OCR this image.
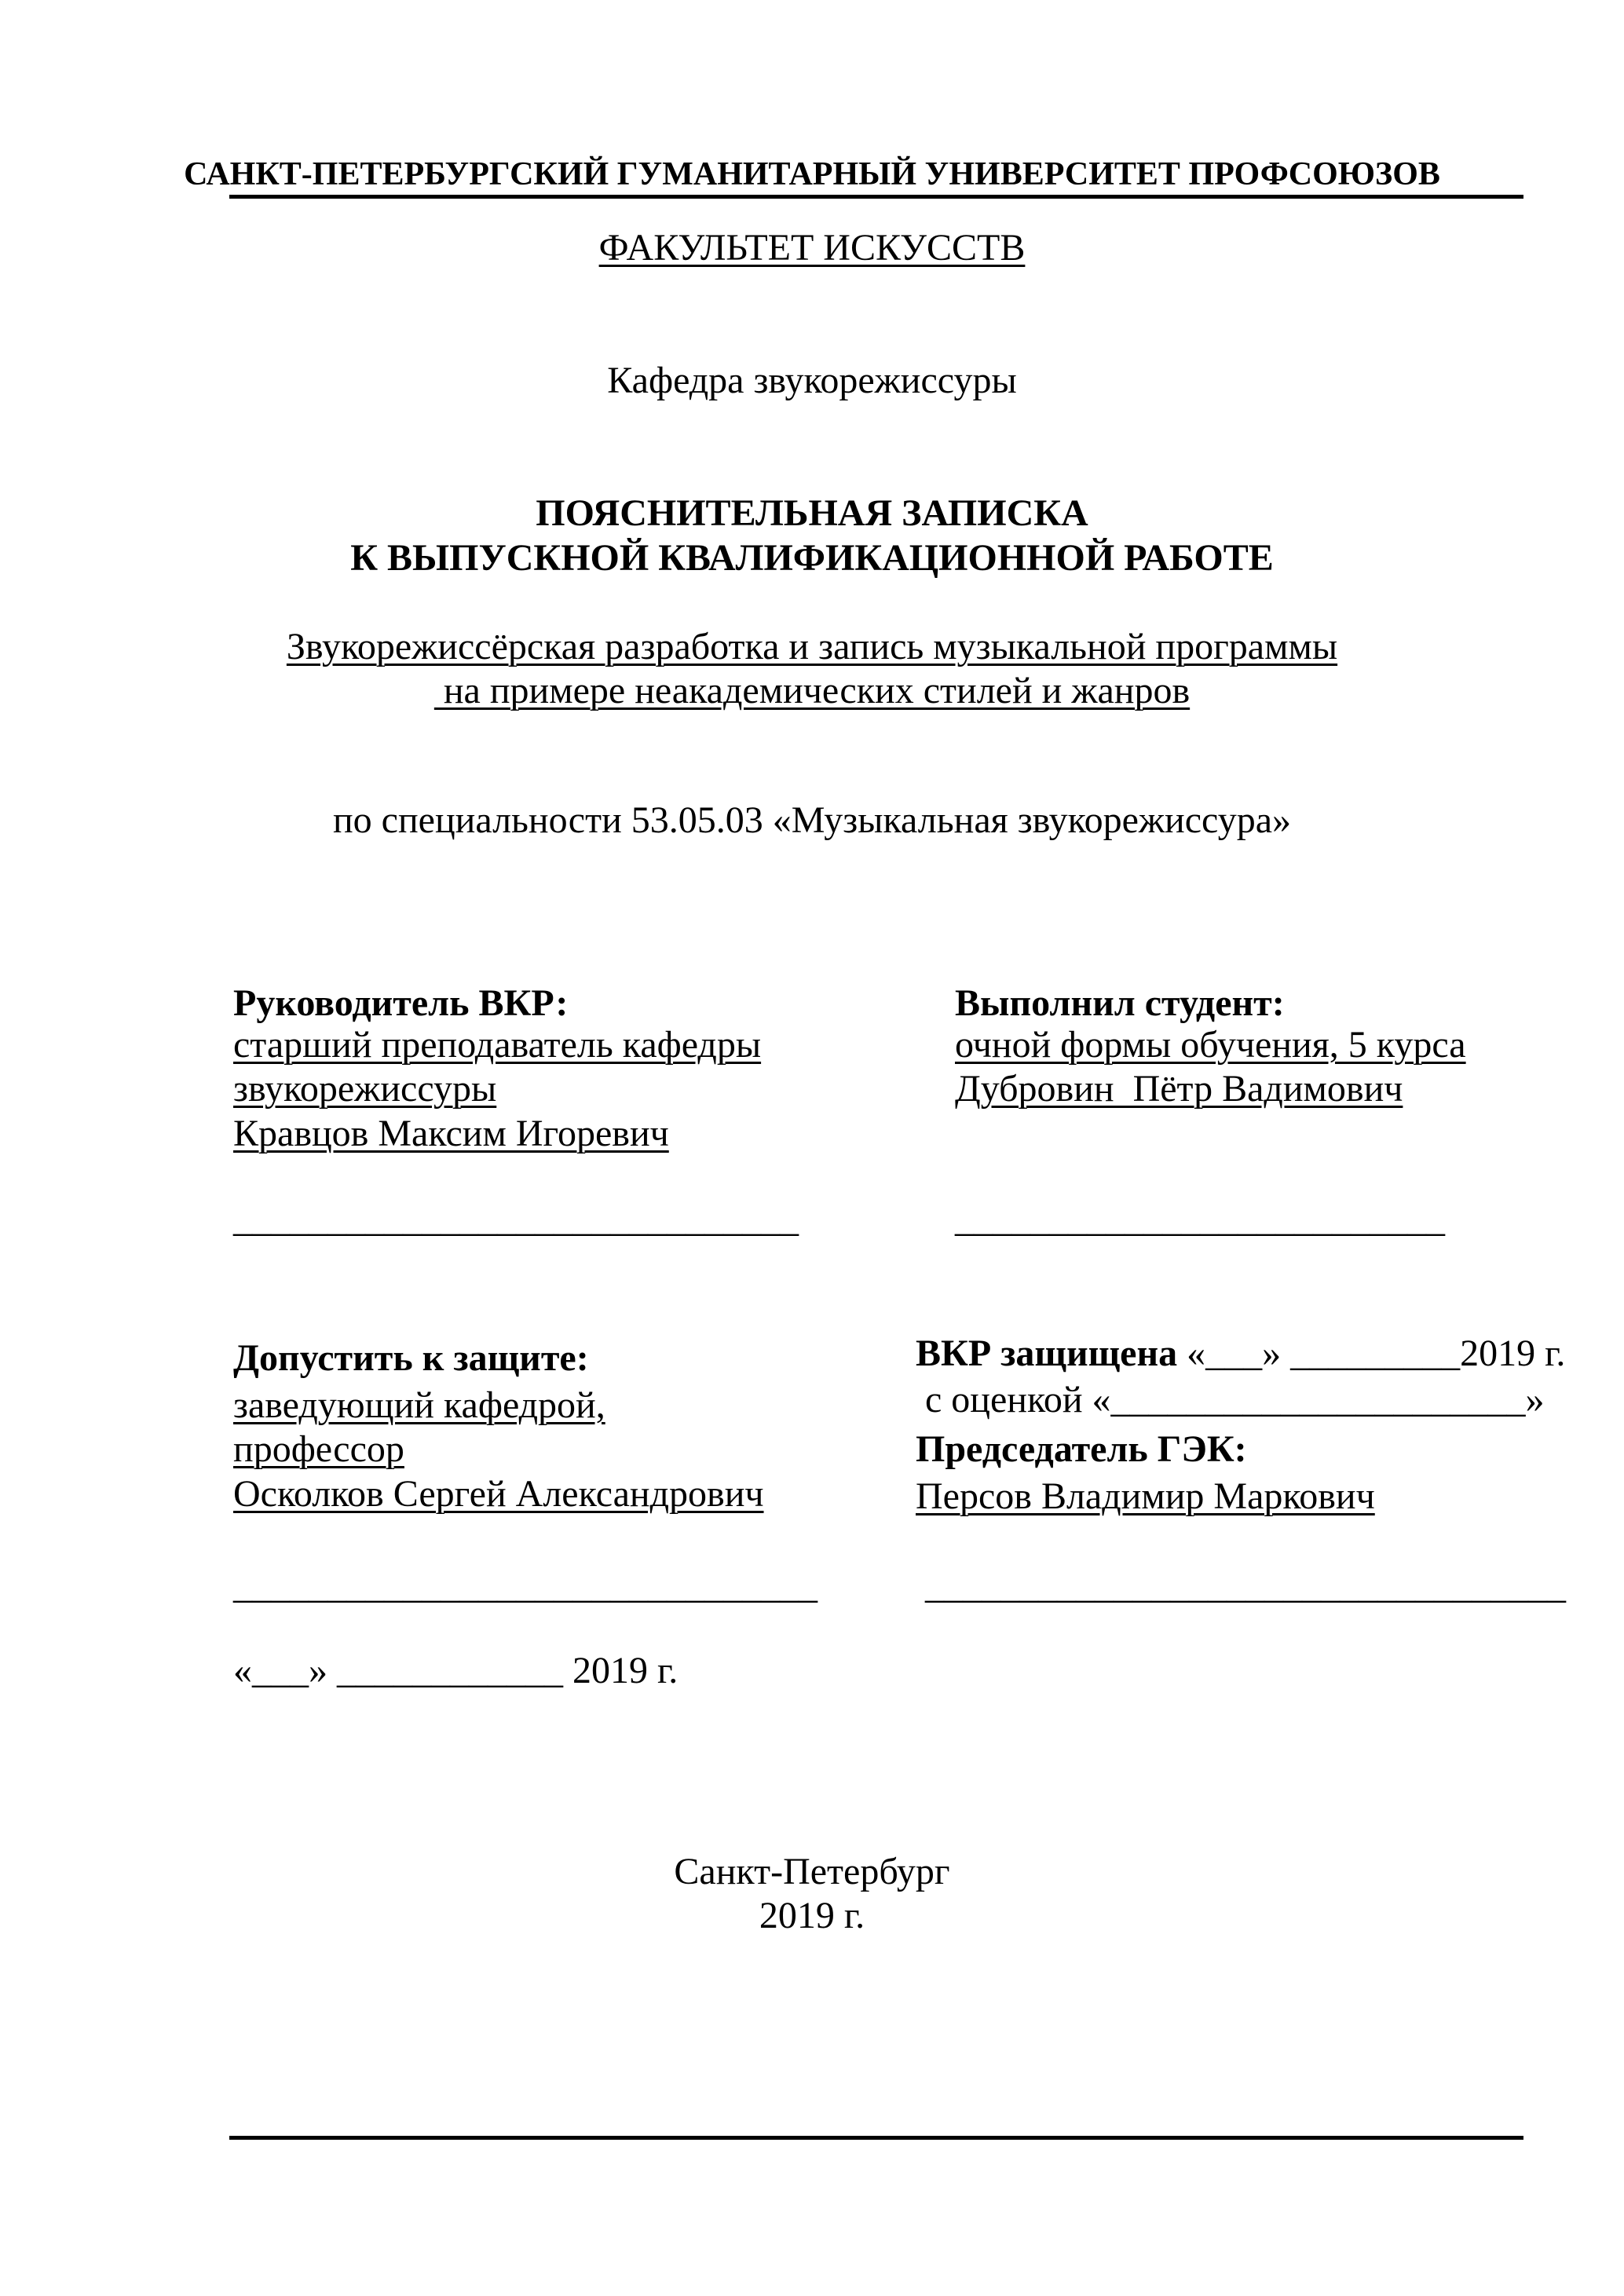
САНКТ-ПЕТЕРБУРГСКИЙ ГУМАНИТАРНЫЙ УНИВЕРСИТЕТ ПРОФСОЮЗОВ
ФАКУЛЬТЕТ ИСКУССТВ
Кафедра звукорежиссуры
ПОЯСНИТЕЛЬНАЯ ЗАПИСКА
К ВЫПУСКНОЙ КВАЛИФИКАЦИОННОЙ РАБОТЕ
Звукорежиссёрская разработка и запись музыкальной программы
на примере неакадемических стилей и жанров
по специальности 53.05.03 «Музыкальная звукорежиссура»
Руководитель ВКР:
старший преподаватель кафедры
звукорежиссуры
Кравцов Максим Игоревич
______________________________
Выполнил студент:
очной формы обучения, 5 курса
Дубровин  Пётр Вадимович
__________________________
Допустить к защите:
заведующий кафедрой,
профессор
Осколков Сергей Александрович
_______________________________
«___» ____________ 2019 г.
ВКР защищена «___» _________2019 г.
с оценкой «______________________»
Председатель ГЭК:
Персов Владимир Маркович
__________________________________
Санкт-Петербург
2019 г.
